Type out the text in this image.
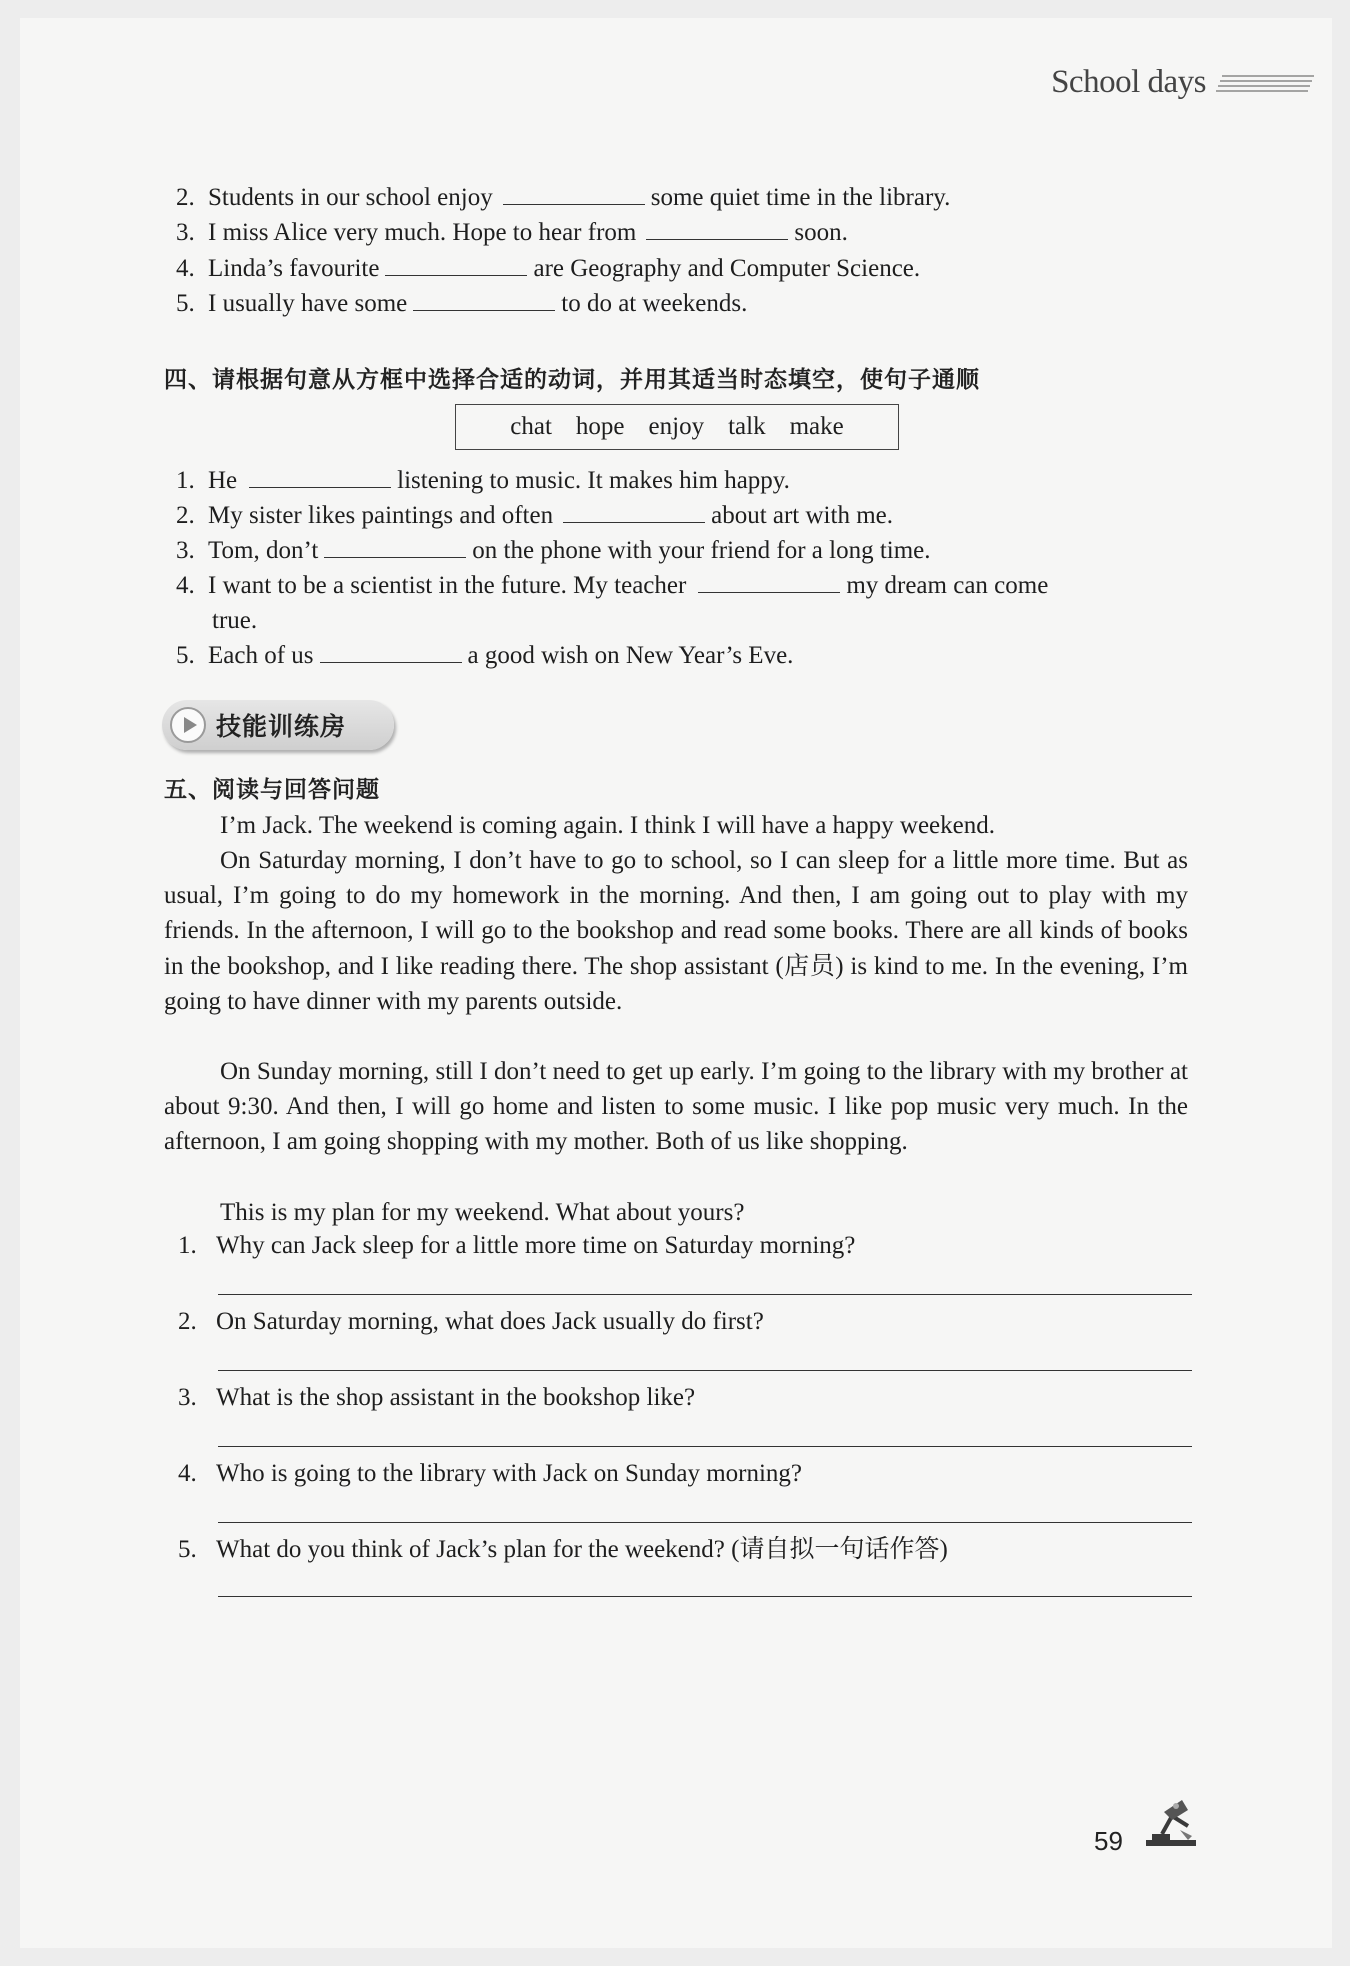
School days
2. Students in our school enjoy	some quiet time in the library.
3. I miss Alice very much. Hope to hear from	soon.
4. Linda’s favourite	are Geography and Computer Science.
5. I usually have some	to do at weekends.
四、请根据句意从方框中选择合适的动词，并用其适当时态填空，使句子通顺
chat hope enjoy talk make
1. He	listening to music. It makes him happy.
2. My sister likes paintings and often	about art with me.
3. Tom, don’t	on the phone with your friend for a long time.
4. I want to be a scientist in the future. My teacher	my dream can come
true.
5. Each of us	a good wish on New Year’s Eve.
技能训练房
五、阅读与回答问题
I’m Jack. The weekend is coming again. I think I will have a happy weekend.
On Saturday morning, I don’t have to go to school, so I can sleep for a little more time. But as usual, I’m going to do my homework in the morning. And then, I am going out to play with my friends. In the afternoon, I will go to the bookshop and read some books. There are all kinds of books in the bookshop, and I like reading there. The shop assistant (店员) is kind to me. In the evening, I’m going to have dinner with my parents outside.
On Sunday morning, still I don’t need to get up early. I’m going to the library with my brother at about 9:30. And then, I will go home and listen to some music. I like pop music very much. In the afternoon, I am going shopping with my mother. Both of us like shopping.
This is my plan for my weekend. What about yours?
1. Why can Jack sleep for a little more time on Saturday morning?
2. On Saturday morning, what does Jack usually do first?
3. What is the shop assistant in the bookshop like?
4. Who is going to the library with Jack on Sunday morning?
5. What do you think of Jack’s plan for the weekend? (请自拟一句话作答)
59
